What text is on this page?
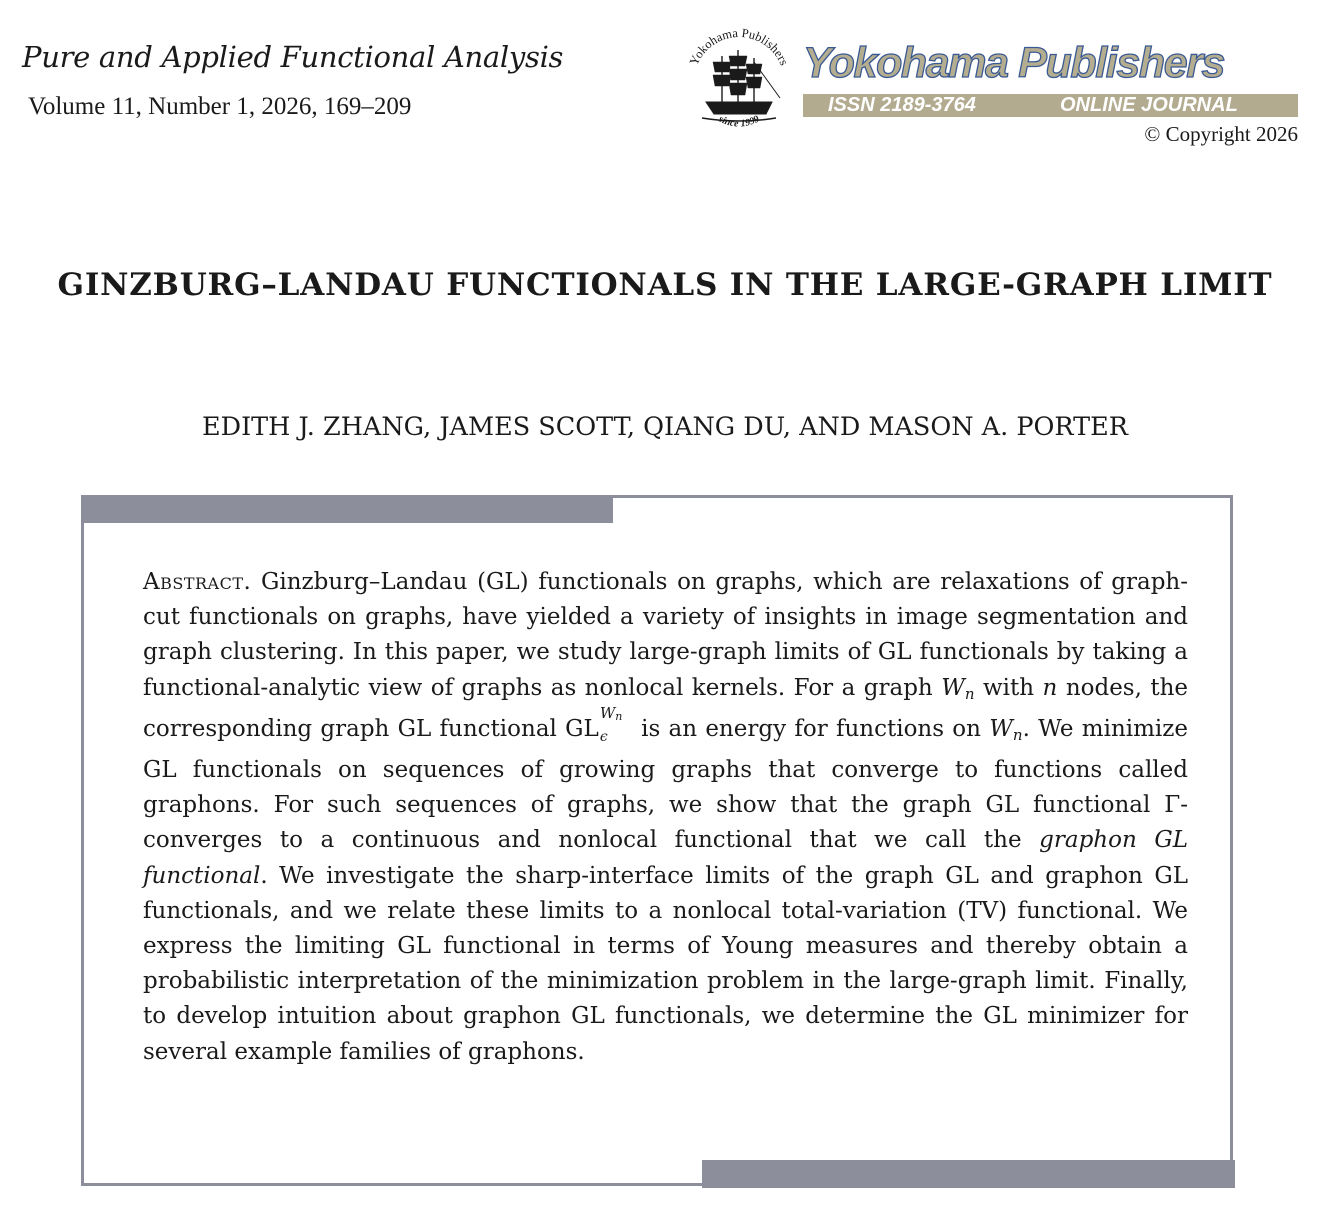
Pure and Applied Functional Analysis
Volume 11, Number 1, 2026, 169–209
Yokohama Publishers
since 1999
Yokohama Publishers
ISSN 2189-3764	ONLINE JOURNAL
© Copyright 2026
GINZBURG–LANDAU FUNCTIONALS IN THE LARGE-GRAPH LIMIT
EDITH J. ZHANG, JAMES SCOTT, QIANG DU, AND MASON A. PORTER
Abstract. Ginzburg–Landau (GL) functionals on graphs, which are relaxations of graph-cut functionals on graphs, have yielded a variety of insights in image segmentation and graph clustering. In this paper, we study large-graph limits of GL functionals by taking a functional-analytic view of graphs as nonlocal kernels. For a graph $W_n$ with n nodes, the corresponding graph GL functional GL
Wn
ϵ is an energy for functions on $W_n$. We minimize GL functionals on sequences of growing graphs that converge to functions called graphons. For such sequences of graphs, we show that the graph GL functional Γ-converges to a continuous and nonlocal functional that we call the graphon GL functional. We investigate the sharp-interface limits of the graph GL and graphon GL functionals, and we relate these limits to a nonlocal total-variation (TV) functional. We express the limiting GL functional in terms of Young measures and thereby obtain a probabilistic interpretation of the minimization problem in the large-graph limit. Finally, to develop intuition about graphon GL functionals, we determine the GL minimizer for several example families of graphons.
